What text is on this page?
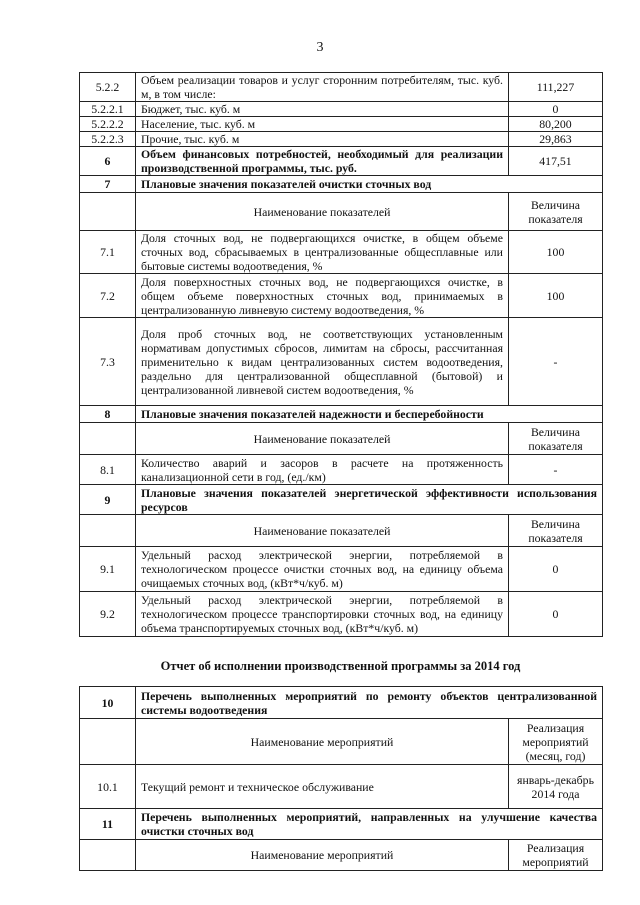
3
5.2.2	Объем реализации товаров и услуг сторонним потребителям, тыс. куб. м, в том числе:	111,227
5.2.2.1	Бюджет, тыс. куб. м	0
5.2.2.2	Население, тыс. куб. м	80,200
5.2.2.3	Прочие, тыс. куб. м	29,863
6	Объем финансовых потребностей, необходимый для реализации производственной программы, тыс. руб.	417,51
7	Плановые значения показателей очистки сточных вод	
	Наименование показателей	Величина показателя
7.1	Доля сточных вод, не подвергающихся очистке, в общем объеме сточных вод, сбрасываемых в централизованные общесплавные или бытовые системы водоотведения, %	100
7.2	Доля поверхностных сточных вод, не подвергающихся очистке, в общем объеме поверхностных сточных вод, принимаемых в централизованную ливневую систему водоотведения, %	100
7.3	Доля проб сточных вод, не соответствующих установленным нормативам допустимых сбросов, лимитам на сбросы, рассчитанная применительно к видам централизованных систем водоотведения, раздельно для централизованной общесплавной (бытовой) и централизованной ливневой систем водоотведения, %	-
8	Плановые значения показателей надежности и бесперебойности	
	Наименование показателей	Величина показателя
8.1	Количество аварий и засоров в расчете на протяженность канализационной сети в год, (ед./км)	-
9	Плановые значения показателей энергетической эффективности использования ресурсов	
	Наименование показателей	Величина показателя
9.1	Удельный расход электрической энергии, потребляемой в технологическом процессе очистки сточных вод, на единицу объема очищаемых сточных вод, (кВт*ч/куб. м)	0
9.2	Удельный расход электрической энергии, потребляемой в технологическом процессе транспортировки сточных вод, на единицу объема транспортируемых сточных вод, (кВт*ч/куб. м)	0
Отчет об исполнении производственной программы за 2014 год
10	Перечень выполненных мероприятий по ремонту объектов централизованной системы водоотведения	
	Наименование мероприятий	Реализация мероприятий (месяц, год)
10.1	Текущий ремонт и техническое обслуживание	январь-декабрь 2014 года
11	Перечень выполненных мероприятий, направленных на улучшение качества очистки сточных вод	
	Наименование мероприятий	Реализация мероприятий
